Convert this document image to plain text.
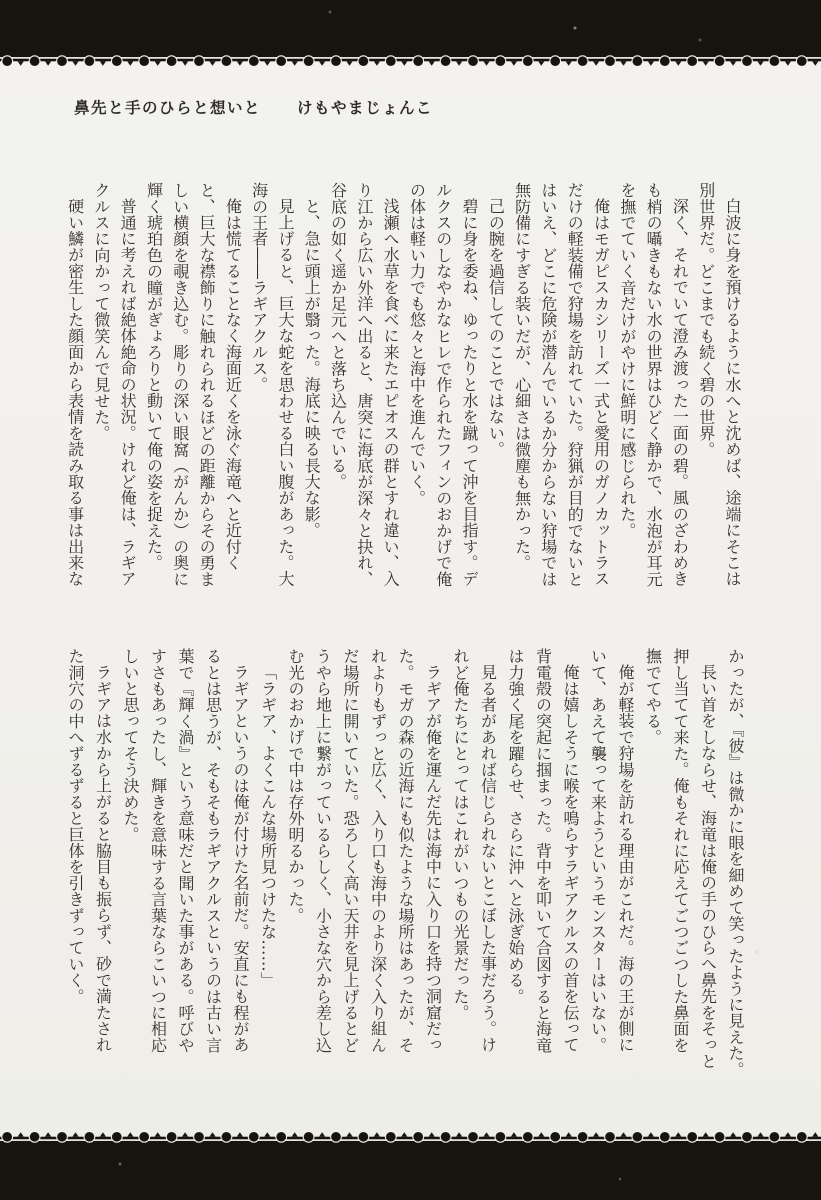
鼻先と手のひらと想いと けもやまじょんこ

白波に身を預けるように水へと沈めば、途端にそこは

別世界だ。どこまでも続く碧の世界。

深く、それでいて澄み渡った一面の碧。風のざわめき

も梢の囁きもない水の世界はひどく静かで、水泡が耳元

を撫でていく音だけがやけに鮮明に感じられた。

俺はモガピスカシリーズ一式と愛用のガノカットラス

だけの軽装備で狩場を訪れていた。狩猟が目的でないと

はいえ、どこに危険が潜んでいるか分からない狩場では

無防備にすぎる装いだが、心細さは微塵も無かった。

己の腕を過信してのことではない。

碧に身を委ね、ゆったりと水を蹴って沖を目指す。デ

ルクスのしなやかなヒレで作られたフィンのおかげで俺

の体は軽い力でも悠々と海中を進んでいく。

浅瀬へ水草を食べに来たエピオスの群とすれ違い、入

り江から広い外洋へ出ると、唐突に海底が深々と抉れ、

谷底の如く遥か足元へと落ち込んでいる。

と、急に頭上が翳った。海底に映る長大な影。

見上げると、巨大な蛇を思わせる白い腹があった。大

海の王者――ラギアクルス。

俺は慌てることなく海面近くを泳ぐ海竜へと近付く

と、巨大な襟飾りに触れられるほどの距離からその勇ま

しい横顔を覗き込む。彫りの深い眼窩（がんか）の奥に

輝く琥珀色の瞳がぎょろりと動いて俺の姿を捉えた。

普通に考えれば絶体絶命の状況。けれど俺は、ラギア

クルスに向かって微笑んで見せた。

硬い鱗が密生した顔面から表情を読み取る事は出来な

かったが、『彼』は微かに眼を細めて笑ったように見えた。

長い首をしならせ、海竜は俺の手のひらへ鼻先をそっと

押し当てて来た。俺もそれに応えてごつごつした鼻面を

撫でてやる。

俺が軽装で狩場を訪れる理由がこれだ。海の王が側に

いて、あえて襲って来ようというモンスターはいない。

俺は嬉しそうに喉を鳴らすラギアクルスの首を伝って

背電殻の突起に掴まった。背中を叩いて合図すると海竜

は力強く尾を躍らせ、さらに沖へと泳ぎ始める。

見る者があれば信じられないとこぼした事だろう。け

れど俺たちにとってはこれがいつもの光景だった。

ラギアが俺を運んだ先は海中に入り口を持つ洞窟だっ

た。モガの森の近海にも似たような場所はあったが、そ

れよりもずっと広く、入り口も海中のより深く入り組ん

だ場所に開いていた。恐ろしく高い天井を見上げるとど

うやら地上に繋がっているらしく、小さな穴から差し込

む光のおかげで中は存外明るかった。

「ラギア、よくこんな場所見つけたな……」

ラギアというのは俺が付けた名前だ。安直にも程があ

るとは思うが、そもそもラギアクルスというのは古い言

葉で『輝く渦』という意味だと聞いた事がある。呼びや

すさもあったし、輝きを意味する言葉ならこいつに相応

しいと思ってそう決めた。

ラギアは水から上がると脇目も振らず、砂で満たされ

た洞穴の中へずるずると巨体を引きずっていく。
